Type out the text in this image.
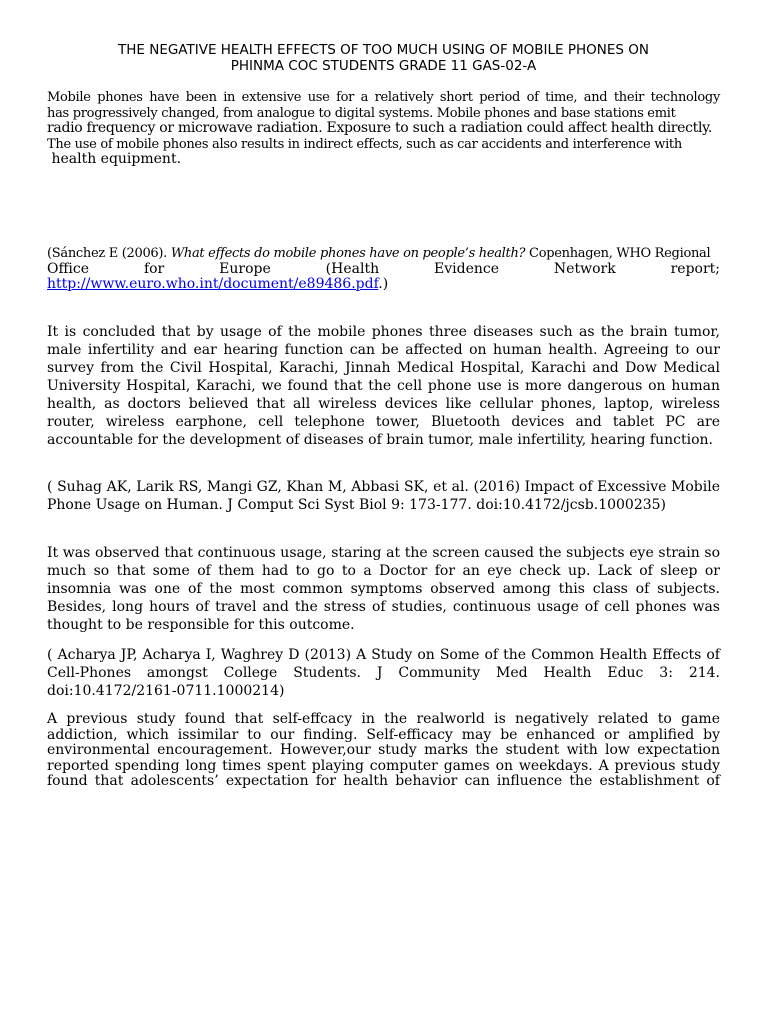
THE NEGATIVE HEALTH EFFECTS OF TOO MUCH USING OF MOBILE PHONES ON
PHINMA COC STUDENTS GRADE 11 GAS-02-A
Mobile phones have been in extensive use for a relatively short period of time, and their technology
has progressively changed, from analogue to digital systems. Mobile phones and base stations emit
radio frequency or microwave radiation. Exposure to such a radiation could affect health directly.
The use of mobile phones also results in indirect effects, such as car accidents and interference with
health equipment.
(Sánchez E (2006). What effects do mobile phones have on people’s health? Copenhagen, WHO Regional
Office for Europe (Health Evidence Network report;
http://www.euro.who.int/document/e89486.pdf.)

It is concluded that by usage of the mobile phones three diseases such as the brain tumor, male infertility and ear hearing function can be affected on human health. Agreeing to our survey from the Civil Hospital, Karachi, Jinnah Medical Hospital, Karachi and Dow Medical University Hospital, Karachi, we found that the cell phone use is more dangerous on human health, as doctors believed that all wireless devices like cellular phones, laptop, wireless router, wireless earphone, cell telephone tower, Bluetooth devices and tablet PC are accountable for the development of diseases of brain tumor, male infertility, hearing function.

( Suhag AK, Larik RS, Mangi GZ, Khan M, Abbasi SK, et al. (2016) Impact of Excessive Mobile Phone Usage on Human. J Comput Sci Syst Biol 9: 173-177. doi:10.4172/jcsb.1000235)

It was observed that continuous usage, staring at the screen caused the subjects eye strain so much so that some of them had to go to a Doctor for an eye check up. Lack of sleep or insomnia was one of the most common symptoms observed among this class of subjects. Besides, long hours of travel and the stress of studies, continuous usage of cell phones was thought to be responsible for this outcome.

( Acharya JP, Acharya I, Waghrey D (2013) A Study on Some of the Common Health Effects of Cell-Phones amongst College Students. J Community Med Health Educ 3: 214. doi:10.4172/2161-0711.1000214)

A previous study found that self-effcacy in the realworld is negatively related to game
addiction, which issimilar to our finding. Self-efficacy may be enhanced or amplified by
environmental encouragement. However,our study marks the student with low expectation
reported spending long times spent playing computer games on weekdays. A previous study
found that adolescents’ expectation for health behavior can influence the establishment of
